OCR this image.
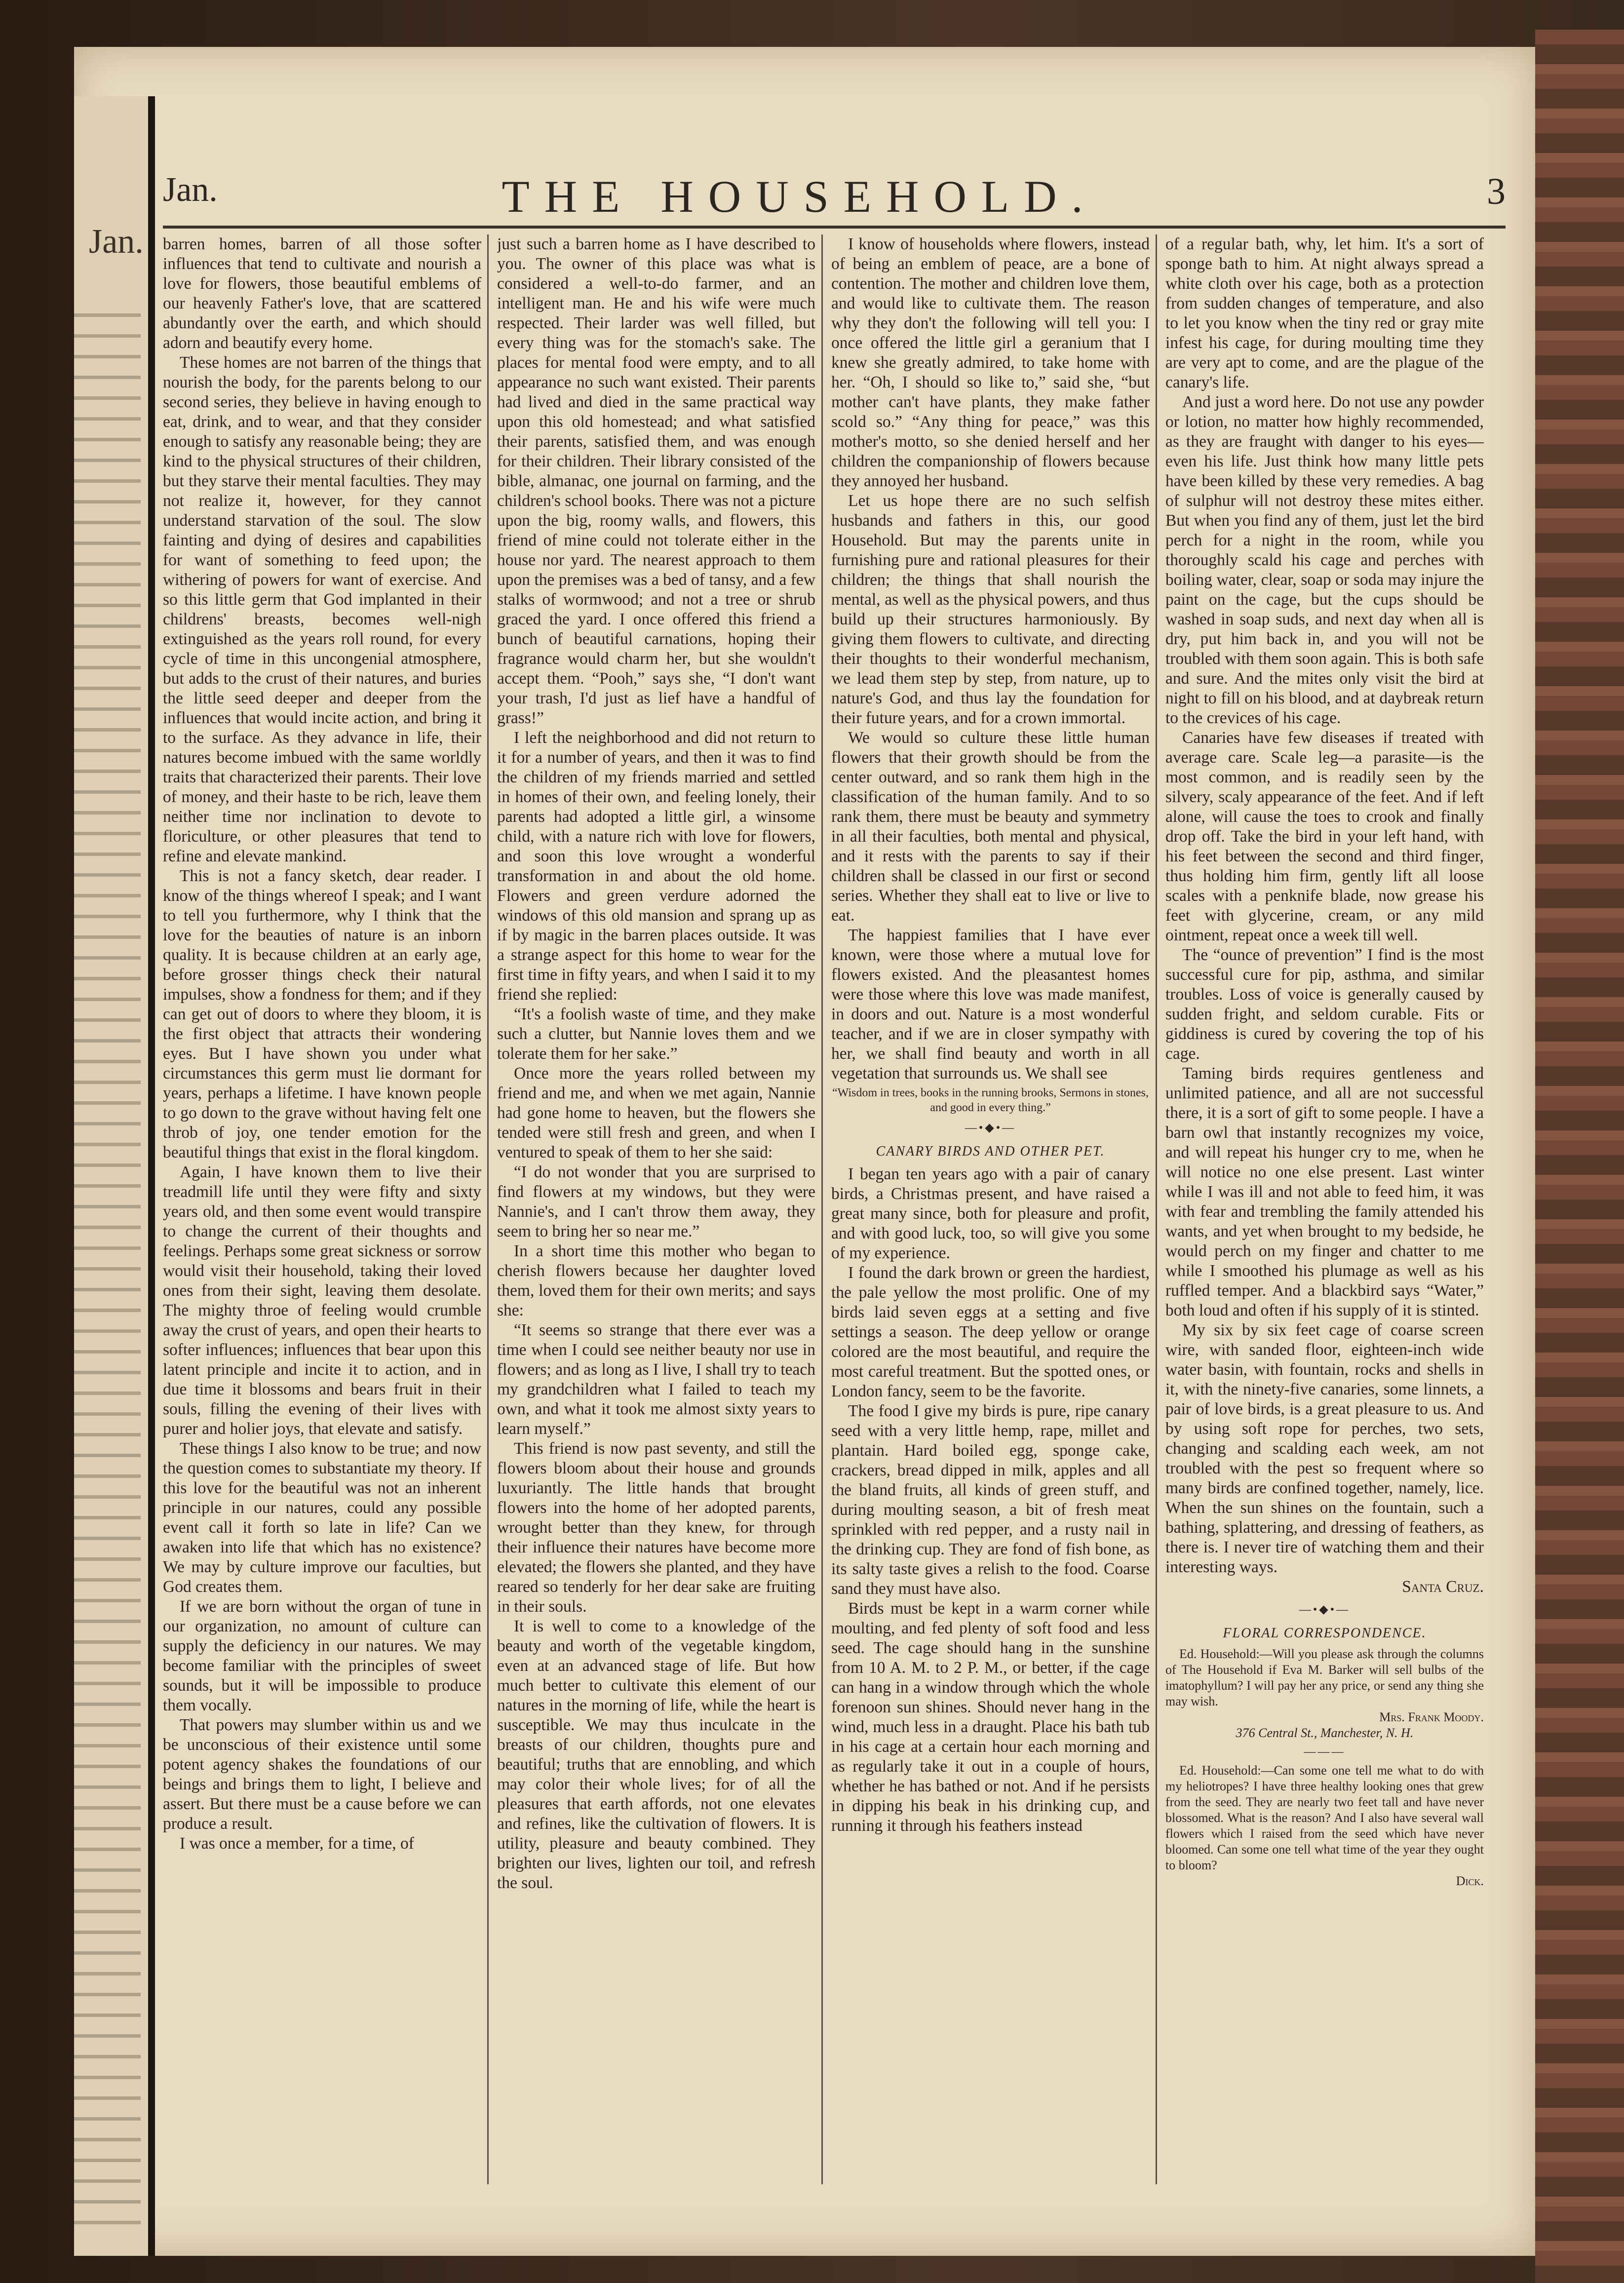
Jan.
Jan.	THE HOUSEHOLD.	3

barren homes, barren of all those softer influences that tend to cultivate and nourish a love for flowers, those beautiful emblems of our heavenly Father's love, that are scattered abundantly over the earth, and which should adorn and beautify every home.

These homes are not barren of the things that nourish the body, for the parents belong to our second series, they believe in having enough to eat, drink, and to wear, and that they consider enough to satisfy any reasonable being; they are kind to the physical structures of their children, but they starve their mental faculties. They may not realize it, however, for they cannot understand starvation of the soul. The slow fainting and dying of desires and capabilities for want of something to feed upon; the withering of powers for want of exercise. And so this little germ that God implanted in their childrens' breasts, becomes well-nigh extinguished as the years roll round, for every cycle of time in this uncongenial atmosphere, but adds to the crust of their natures, and buries the little seed deeper and deeper from the influences that would incite action, and bring it to the surface. As they advance in life, their natures become imbued with the same worldly traits that characterized their parents. Their love of money, and their haste to be rich, leave them neither time nor inclination to devote to floriculture, or other pleasures that tend to refine and elevate mankind.

This is not a fancy sketch, dear reader. I know of the things whereof I speak; and I want to tell you furthermore, why I think that the love for the beauties of nature is an inborn quality. It is because children at an early age, before grosser things check their natural impulses, show a fondness for them; and if they can get out of doors to where they bloom, it is the first object that attracts their wondering eyes. But I have shown you under what circumstances this germ must lie dormant for years, perhaps a lifetime. I have known people to go down to the grave without having felt one throb of joy, one tender emotion for the beautiful things that exist in the floral kingdom.

Again, I have known them to live their treadmill life until they were fifty and sixty years old, and then some event would transpire to change the current of their thoughts and feelings. Perhaps some great sickness or sorrow would visit their household, taking their loved ones from their sight, leaving them desolate. The mighty throe of feeling would crumble away the crust of years, and open their hearts to softer influences; influences that bear upon this latent principle and incite it to action, and in due time it blossoms and bears fruit in their souls, filling the evening of their lives with purer and holier joys, that elevate and satisfy.

These things I also know to be true; and now the question comes to substantiate my theory. If this love for the beautiful was not an inherent principle in our natures, could any possible event call it forth so late in life? Can we awaken into life that which has no existence? We may by culture improve our faculties, but God creates them.

If we are born without the organ of tune in our organization, no amount of culture can supply the deficiency in our natures. We may become familiar with the principles of sweet sounds, but it will be impossible to produce them vocally.

That powers may slumber within us and we be unconscious of their existence until some potent agency shakes the foundations of our beings and brings them to light, I believe and assert. But there must be a cause before we can produce a result.

I was once a member, for a time, of

just such a barren home as I have described to you. The owner of this place was what is considered a well-to-do farmer, and an intelligent man. He and his wife were much respected. Their larder was well filled, but every thing was for the stomach's sake. The places for mental food were empty, and to all appearance no such want existed. Their parents had lived and died in the same practical way upon this old homestead; and what satisfied their parents, satisfied them, and was enough for their children. Their library consisted of the bible, almanac, one journal on farming, and the children's school books. There was not a picture upon the big, roomy walls, and flowers, this friend of mine could not tolerate either in the house nor yard. The nearest approach to them upon the premises was a bed of tansy, and a few stalks of wormwood; and not a tree or shrub graced the yard. I once offered this friend a bunch of beautiful carnations, hoping their fragrance would charm her, but she wouldn't accept them. “Pooh,” says she, “I don't want your trash, I'd just as lief have a handful of grass!”

I left the neighborhood and did not return to it for a number of years, and then it was to find the children of my friends married and settled in homes of their own, and feeling lonely, their parents had adopted a little girl, a winsome child, with a nature rich with love for flowers, and soon this love wrought a wonderful transformation in and about the old home. Flowers and green verdure adorned the windows of this old mansion and sprang up as if by magic in the barren places outside. It was a strange aspect for this home to wear for the first time in fifty years, and when I said it to my friend she replied:

“It's a foolish waste of time, and they make such a clutter, but Nannie loves them and we tolerate them for her sake.”

Once more the years rolled between my friend and me, and when we met again, Nannie had gone home to heaven, but the flowers she tended were still fresh and green, and when I ventured to speak of them to her she said:

“I do not wonder that you are surprised to find flowers at my windows, but they were Nannie's, and I can't throw them away, they seem to bring her so near me.”

In a short time this mother who began to cherish flowers because her daughter loved them, loved them for their own merits; and says she:

“It seems so strange that there ever was a time when I could see neither beauty nor use in flowers; and as long as I live, I shall try to teach my grandchildren what I failed to teach my own, and what it took me almost sixty years to learn myself.”

This friend is now past seventy, and still the flowers bloom about their house and grounds luxuriantly. The little hands that brought flowers into the home of her adopted parents, wrought better than they knew, for through their influence their natures have become more elevated; the flowers she planted, and they have reared so tenderly for her dear sake are fruiting in their souls.

It is well to come to a knowledge of the beauty and worth of the vegetable kingdom, even at an advanced stage of life. But how much better to cultivate this element of our natures in the morning of life, while the heart is susceptible. We may thus inculcate in the breasts of our children, thoughts pure and beautiful; truths that are ennobling, and which may color their whole lives; for of all the pleasures that earth affords, not one elevates and refines, like the cultivation of flowers. It is utility, pleasure and beauty combined. They brighten our lives, lighten our toil, and refresh the soul.

I know of households where flowers, instead of being an emblem of peace, are a bone of contention. The mother and children love them, and would like to cultivate them. The reason why they don't the following will tell you: I once offered the little girl a geranium that I knew she greatly admired, to take home with her. “Oh, I should so like to,” said she, “but mother can't have plants, they make father scold so.” “Any thing for peace,” was this mother's motto, so she denied herself and her children the companionship of flowers because they annoyed her husband.

Let us hope there are no such selfish husbands and fathers in this, our good Household. But may the parents unite in furnishing pure and rational pleasures for their children; the things that shall nourish the mental, as well as the physical powers, and thus build up their structures harmoniously. By giving them flowers to cultivate, and directing their thoughts to their wonderful mechanism, we lead them step by step, from nature, up to nature's God, and thus lay the foundation for their future years, and for a crown immortal.

We would so culture these little human flowers that their growth should be from the center outward, and so rank them high in the classification of the human family. And to so rank them, there must be beauty and symmetry in all their faculties, both mental and physical, and it rests with the parents to say if their children shall be classed in our first or second series. Whether they shall eat to live or live to eat.

The happiest families that I have ever known, were those where a mutual love for flowers existed. And the pleasantest homes were those where this love was made manifest, in doors and out. Nature is a most wonderful teacher, and if we are in closer sympathy with her, we shall find beauty and worth in all vegetation that surrounds us. We shall see

“Wisdom in trees, books in the running brooks, Sermons in stones, and good in every thing.”
—•◆•—
CANARY BIRDS AND OTHER PET.

I began ten years ago with a pair of canary birds, a Christmas present, and have raised a great many since, both for pleasure and profit, and with good luck, too, so will give you some of my experience.

I found the dark brown or green the hardiest, the pale yellow the most prolific. One of my birds laid seven eggs at a setting and five settings a season. The deep yellow or orange colored are the most beautiful, and require the most careful treatment. But the spotted ones, or London fancy, seem to be the favorite.

The food I give my birds is pure, ripe canary seed with a very little hemp, rape, millet and plantain. Hard boiled egg, sponge cake, crackers, bread dipped in milk, apples and all the bland fruits, all kinds of green stuff, and during moulting season, a bit of fresh meat sprinkled with red pepper, and a rusty nail in the drinking cup. They are fond of fish bone, as its salty taste gives a relish to the food. Coarse sand they must have also.

Birds must be kept in a warm corner while moulting, and fed plenty of soft food and less seed. The cage should hang in the sunshine from 10 A. M. to 2 P. M., or better, if the cage can hang in a window through which the whole forenoon sun shines. Should never hang in the wind, much less in a draught. Place his bath tub in his cage at a certain hour each morning and as regularly take it out in a couple of hours, whether he has bathed or not. And if he persists in dipping his beak in his drinking cup, and running it through his feathers instead

of a regular bath, why, let him. It's a sort of sponge bath to him. At night always spread a white cloth over his cage, both as a protection from sudden changes of temperature, and also to let you know when the tiny red or gray mite infest his cage, for during moulting time they are very apt to come, and are the plague of the canary's life.

And just a word here. Do not use any powder or lotion, no matter how highly recommended, as they are fraught with danger to his eyes—even his life. Just think how many little pets have been killed by these very remedies. A bag of sulphur will not destroy these mites either. But when you find any of them, just let the bird perch for a night in the room, while you thoroughly scald his cage and perches with boiling water, clear, soap or soda may injure the paint on the cage, but the cups should be washed in soap suds, and next day when all is dry, put him back in, and you will not be troubled with them soon again. This is both safe and sure. And the mites only visit the bird at night to fill on his blood, and at daybreak return to the crevices of his cage.

Canaries have few diseases if treated with average care. Scale leg—a parasite—is the most common, and is readily seen by the silvery, scaly appearance of the feet. And if left alone, will cause the toes to crook and finally drop off. Take the bird in your left hand, with his feet between the second and third finger, thus holding him firm, gently lift all loose scales with a penknife blade, now grease his feet with glycerine, cream, or any mild ointment, repeat once a week till well.

The “ounce of prevention” I find is the most successful cure for pip, asthma, and similar troubles. Loss of voice is generally caused by sudden fright, and seldom curable. Fits or giddiness is cured by covering the top of his cage.

Taming birds requires gentleness and unlimited patience, and all are not successful there, it is a sort of gift to some people. I have a barn owl that instantly recognizes my voice, and will repeat his hunger cry to me, when he will notice no one else present. Last winter while I was ill and not able to feed him, it was with fear and trembling the family attended his wants, and yet when brought to my bedside, he would perch on my finger and chatter to me while I smoothed his plumage as well as his ruffled temper. And a blackbird says “Water,” both loud and often if his supply of it is stinted.

My six by six feet cage of coarse screen wire, with sanded floor, eighteen-inch wide water basin, with fountain, rocks and shells in it, with the ninety-five canaries, some linnets, a pair of love birds, is a great pleasure to us. And by using soft rope for perches, two sets, changing and scalding each week, am not troubled with the pest so frequent where so many birds are confined together, namely, lice. When the sun shines on the fountain, such a bathing, splattering, and dressing of feathers, as there is. I never tire of watching them and their interesting ways.

Santa Cruz.
—•◆•—
FLORAL CORRESPONDENCE.

Ed. Household:—Will you please ask through the columns of The Household if Eva M. Barker will sell bulbs of the imatophyllum? I will pay her any price, or send any thing she may wish.

Mrs. Frank Moody.
376 Central St., Manchester, N. H.
———

Ed. Household:—Can some one tell me what to do with my heliotropes? I have three healthy looking ones that grew from the seed. They are nearly two feet tall and have never blossomed. What is the reason? And I also have several wall flowers which I raised from the seed which have never bloomed. Can some one tell what time of the year they ought to bloom?

Dick.
